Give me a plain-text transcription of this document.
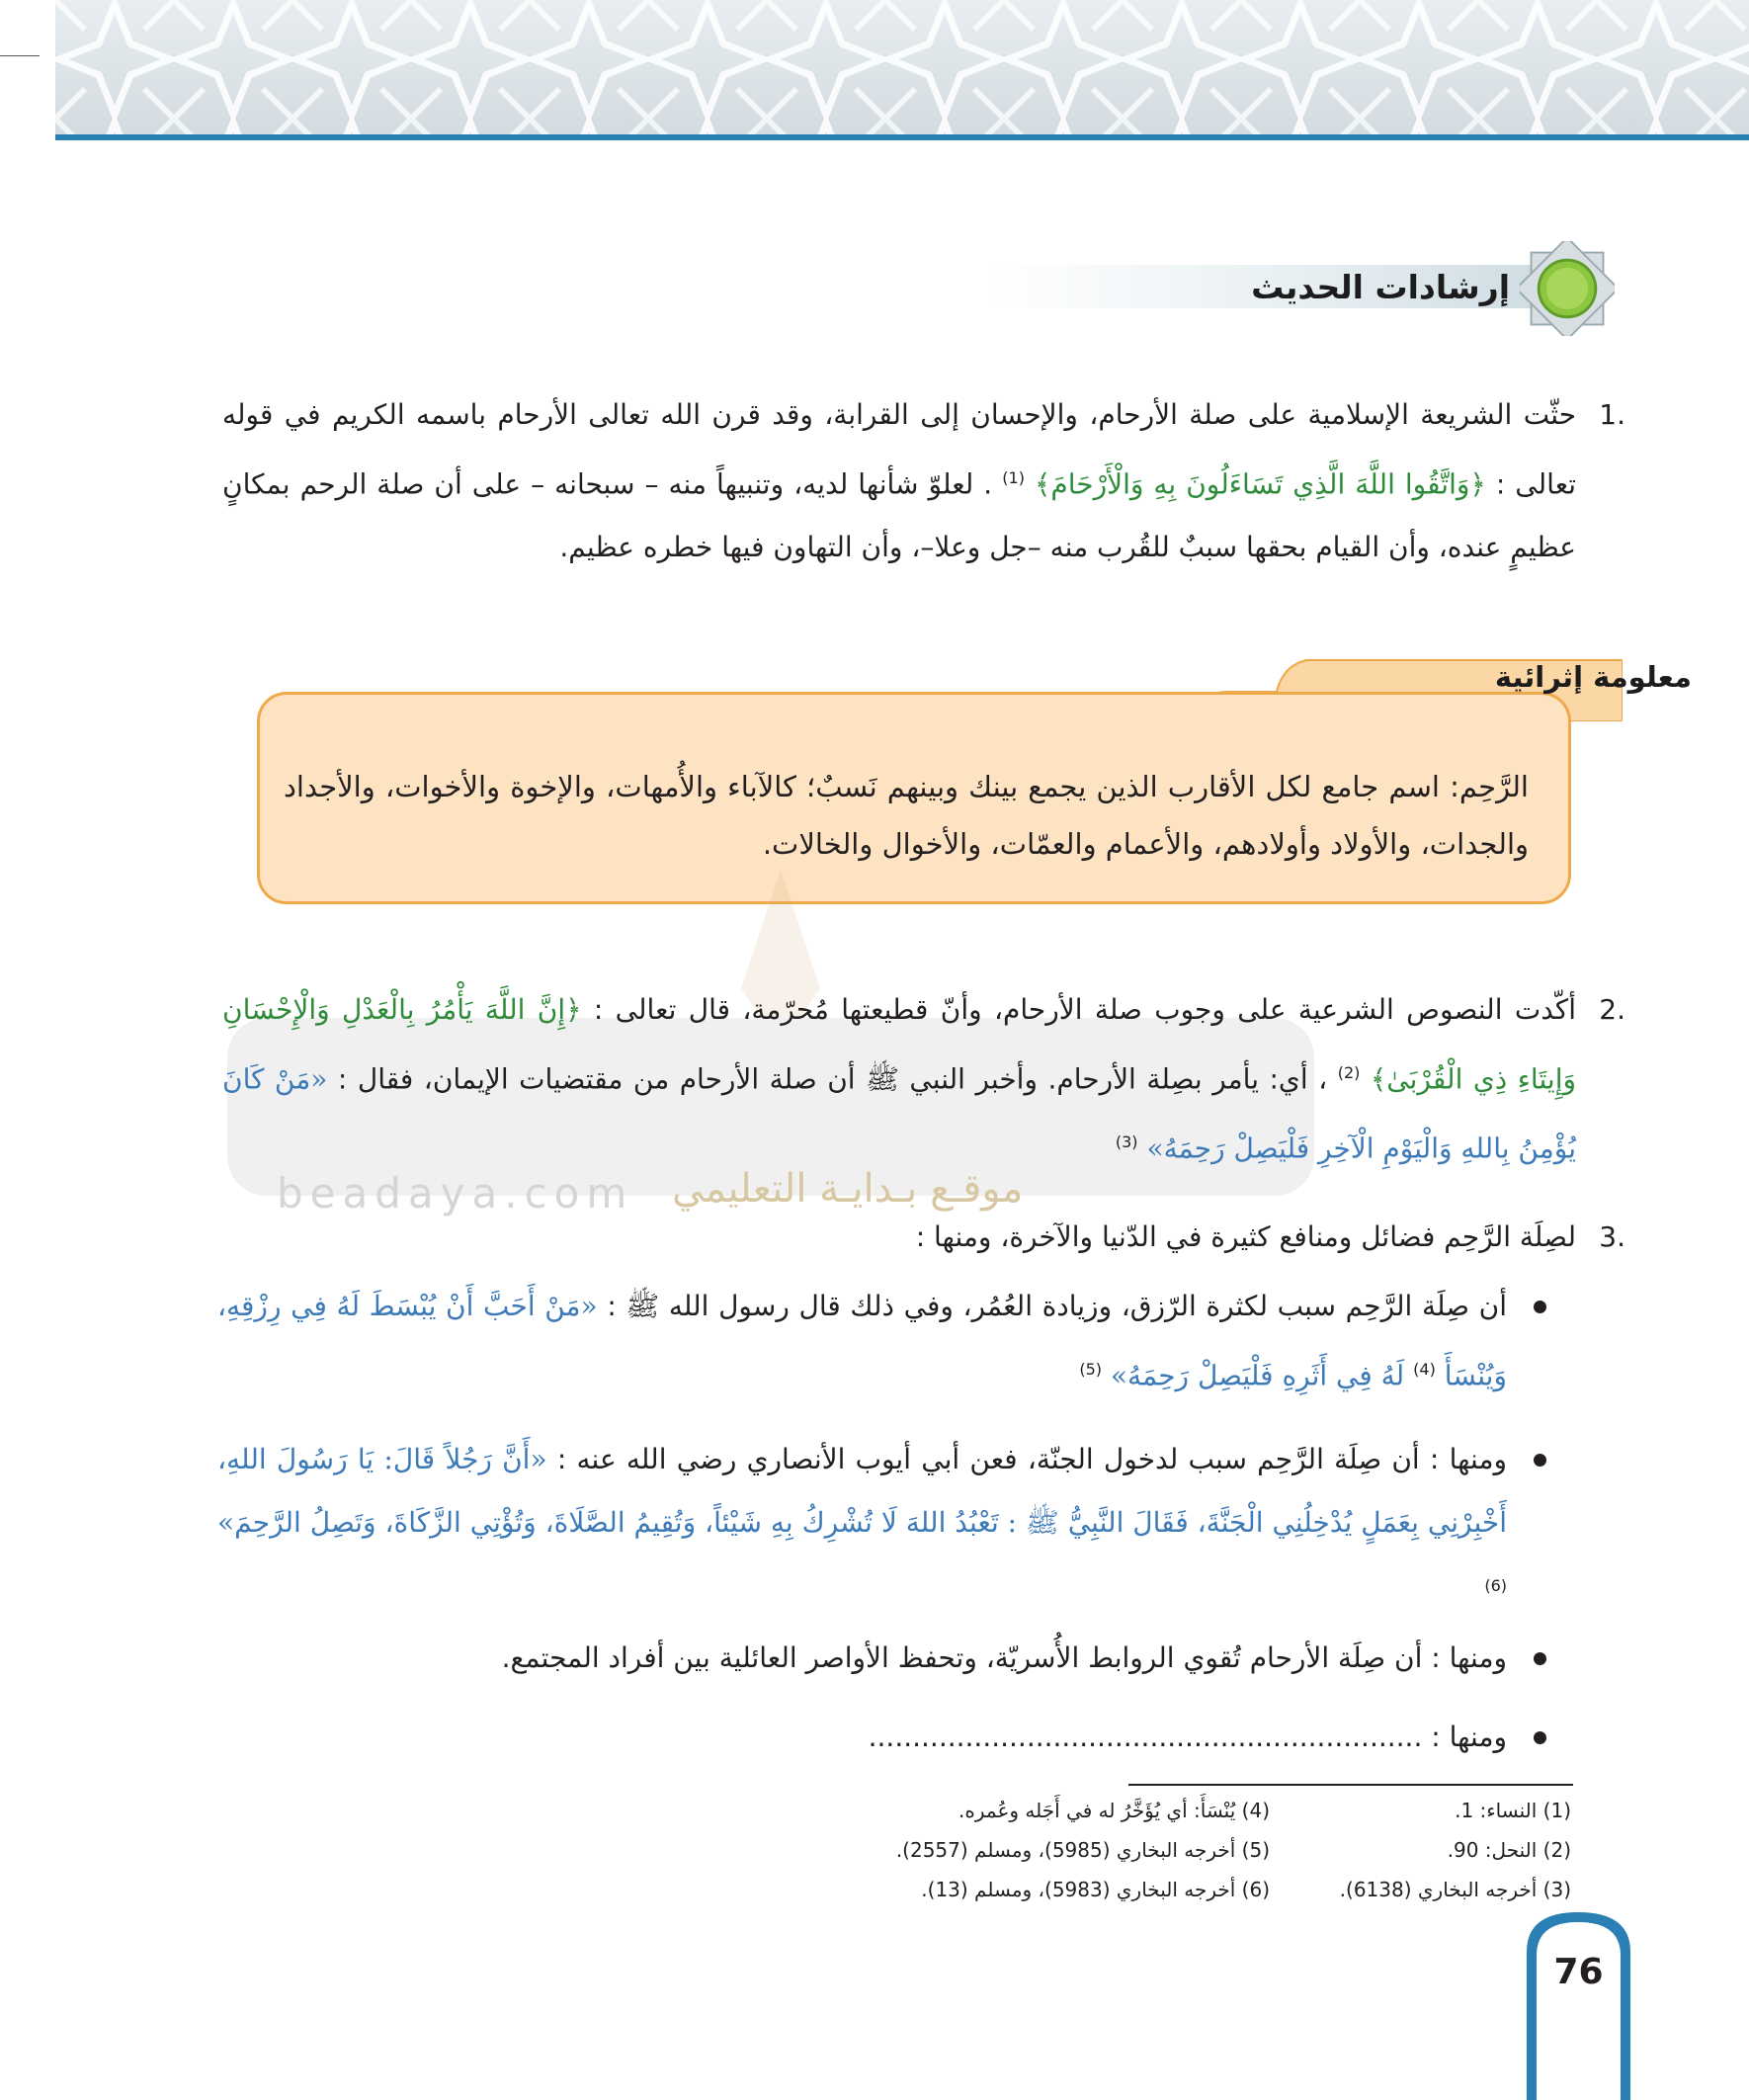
إرشادات الحديث
.1
حثّت الشريعة الإسلامية على صلة الأرحام، والإحسان إلى القرابة، وقد قرن الله تعالى الأرحام باسمه الكريم في قوله تعالى : ﴿وَاتَّقُوا اللَّهَ الَّذِي تَسَاءَلُونَ بِهِ وَالْأَرْحَامَ﴾ $^{(1)}$ . لعلوّ شأنها لديه، وتنبيهاً منه – سبحانه – على أن صلة الرحم بمكانٍ عظيمٍ عنده، وأن القيام بحقها سببٌ للقُرب منه –جل وعلا–، وأن التهاون فيها خطره عظيم.
الرَّحِم: اسم جامع لكل الأقارب الذين يجمع بينك وبينهم نَسبٌ؛ كالآباء والأُمهات، والإخوة والأخوات، والأجداد والجدات، والأولاد وأولادهم، والأعمام والعمّات، والأخوال والخالات.
معلومة إثرائية
beadaya.com موقـع بـدايـة التعليمي
.2
أكّدت النصوص الشرعية على وجوب صلة الأرحام، وأنّ قطيعتها مُحرّمة، قال تعالى : ﴿إِنَّ اللَّهَ يَأْمُرُ بِالْعَدْلِ وَالْإِحْسَانِ وَإِيتَاءِ ذِي الْقُرْبَىٰ﴾ $^{(2)}$ ، أي: يأمر بصِلة الأرحام. وأخبر النبي ﷺ أن صلة الأرحام من مقتضيات الإيمان، فقال : «مَنْ كَانَ يُؤْمِنُ بِاللهِ وَالْيَوْمِ الْآخِرِ فَلْيَصِلْ رَحِمَهُ» $^{(3)}$
.3
لصِلَة الرَّحِم فضائل ومنافع كثيرة في الدّنيا والآخرة، ومنها :
أن صِلَة الرَّحِم سبب لكثرة الرّزق، وزيادة العُمُر، وفي ذلك قال رسول الله ﷺ : «مَنْ أَحَبَّ أَنْ يُبْسَطَ لَهُ فِي رِزْقِهِ، وَيُنْسَأَ $^{(4)}$ لَهُ فِي أَثَرِهِ فَلْيَصِلْ رَحِمَهُ» $^{(5)}$
ومنها : أن صِلَة الرَّحِم سبب لدخول الجنّة، فعن أبي أيوب الأنصاري رضي الله عنه : «أَنَّ رَجُلاً قَالَ: يَا رَسُولَ اللهِ، أَخْبِرْنِي بِعَمَلٍ يُدْخِلُنِي الْجَنَّةَ، فَقَالَ النَّبِيُّ ﷺ : تَعْبُدُ اللهَ لَا تُشْرِكُ بِهِ شَيْئاً، وَتُقِيمُ الصَّلَاةَ، وَتُؤْتِي الزَّكَاةَ، وَتَصِلُ الرَّحِمَ» $^{(6)}$
ومنها : أن صِلَة الأرحام تُقوي الروابط الأُسريّة، وتحفظ الأواصر العائلية بين أفراد المجتمع.
ومنها : ...............................................................
(1) النساء: 1.
(2) النحل: 90.
(3) أخرجه البخاري (6138).
(4) يُنْسَأَ: أي يُؤَخَّرُ له في أَجَله وعُمره.
(5) أخرجه البخاري (5985)، ومسلم (2557).
(6) أخرجه البخاري (5983)، ومسلم (13).
76
